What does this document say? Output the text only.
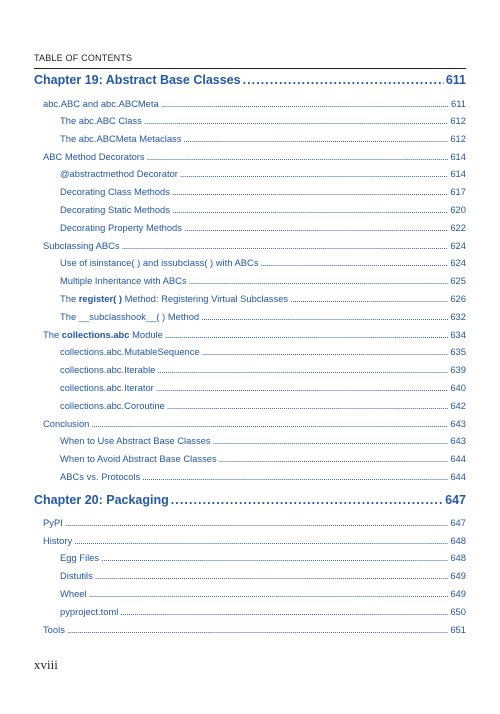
TABLE OF CONTENTS
Chapter 19: Abstract Base Classes . . .	611
abc.ABC and abc.ABCMeta . . .	611
The abc.ABC Class . . .	612
The abc.ABCMeta Metaclass . . .	612
ABC Method Decorators . . .	614
@abstractmethod Decorator . . .	614
Decorating Class Methods . . .	617
Decorating Static Methods . . .	620
Decorating Property Methods . . .	622
Subclassing ABCs . . .	624
Use of isinstance( ) and issubclass( ) with ABCs . . .	624
Multiple Inheritance with ABCs . . .	625
The register( ) Method: Registering Virtual Subclasses . . .	626
The __subclasshook__( ) Method . . .	632
The collections.abc Module . . .	634
collections.abc.MutableSequence . . .	635
collections.abc.Iterable . . .	639
collections.abc.Iterator . . .	640
collections.abc.Coroutine . . .	642
Conclusion . . .	643
When to Use Abstract Base Classes . . .	643
When to Avoid Abstract Base Classes . . .	644
ABCs vs. Protocols . . .	644
Chapter 20: Packaging . . .	647
PyPI . . .	647
History . . .	648
Egg Files . . .	648
Distutils . . .	649
Wheel . . .	649
pyproject.toml . . .	650
Tools . . .	651
xviii
